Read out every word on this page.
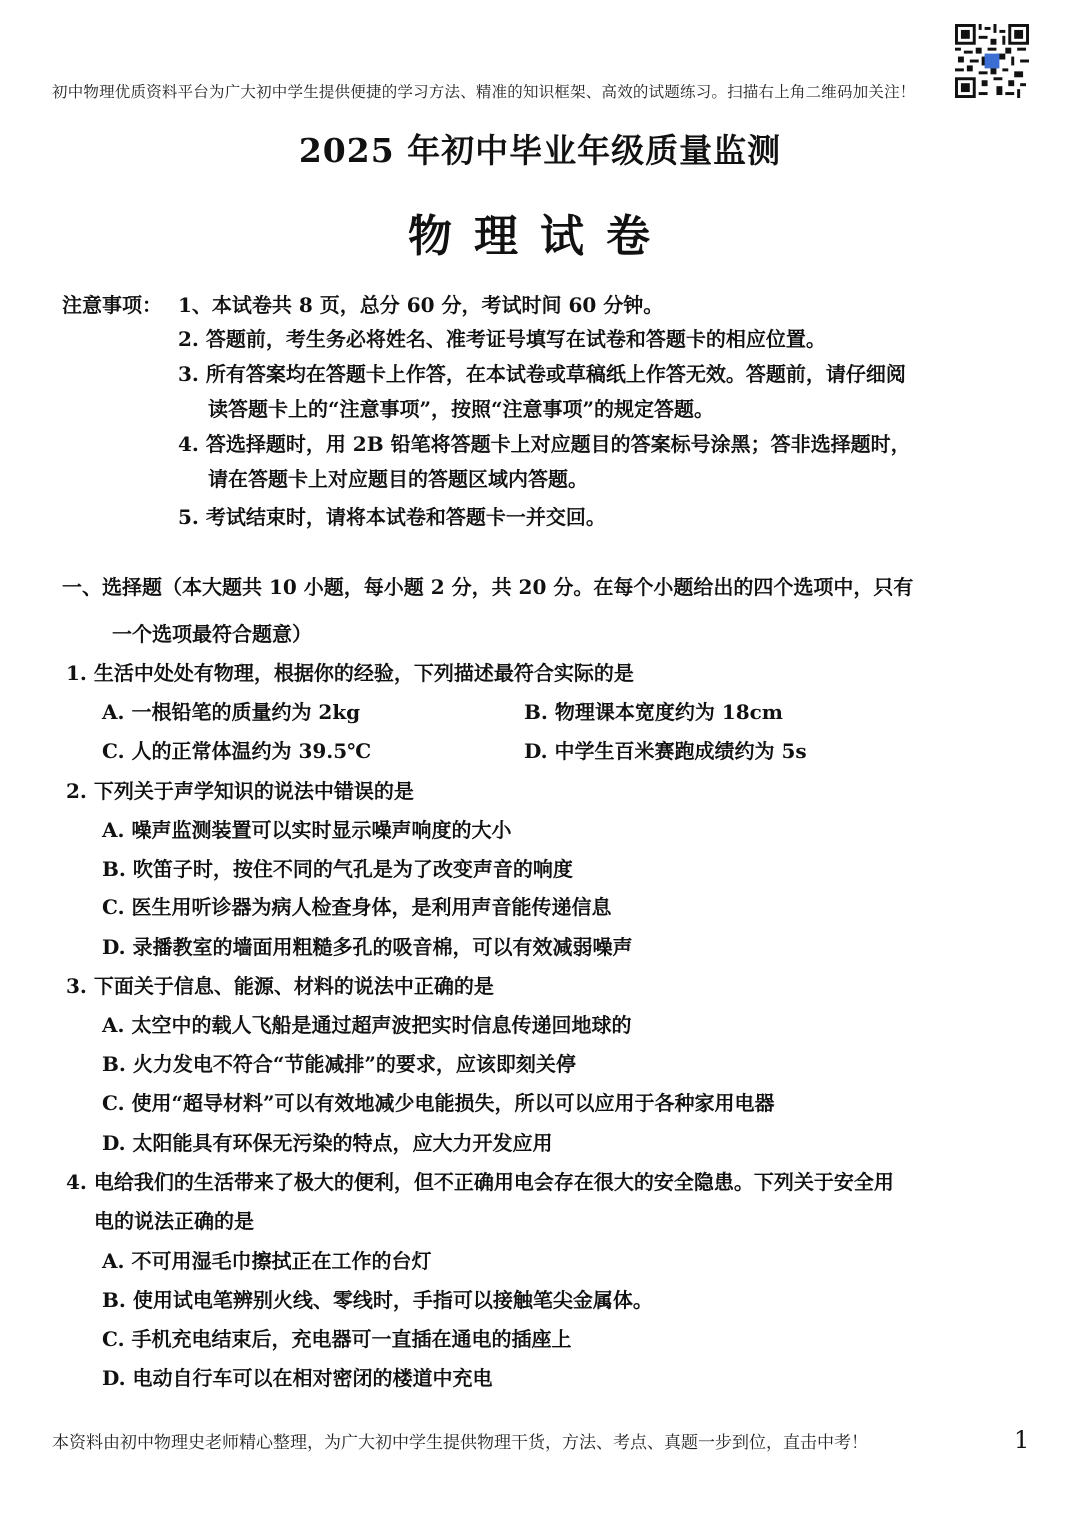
初中物理优质资料平台为广大初中学生提供便捷的学习方法、精准的知识框架、高效的试题练习。扫描右上角二维码加关注！
2025 年初中毕业年级质量监测
物理试卷
注意事项： 1、本试卷共 8 页，总分 60 分，考试时间 60 分钟。
2. 答题前，考生务必将姓名、准考证号填写在试卷和答题卡的相应位置。
3. 所有答案均在答题卡上作答，在本试卷或草稿纸上作答无效。答题前，请仔细阅
读答题卡上的“注意事项”，按照“注意事项”的规定答题。
4. 答选择题时，用 2B 铅笔将答题卡上对应题目的答案标号涂黑；答非选择题时，
请在答题卡上对应题目的答题区域内答题。
5. 考试结束时，请将本试卷和答题卡一并交回。
一、选择题（本大题共 10 小题，每小题 2 分，共 20 分。在每个小题给出的四个选项中，只有
一个选项最符合题意）
1. 生活中处处有物理，根据你的经验，下列描述最符合实际的是
A. 一根铅笔的质量约为 2kg	B. 物理课本宽度约为 18cm
C. 人的正常体温约为 39.5℃	D. 中学生百米赛跑成绩约为 5s
2. 下列关于声学知识的说法中错误的是
A. 噪声监测装置可以实时显示噪声响度的大小
B. 吹笛子时，按住不同的气孔是为了改变声音的响度
C. 医生用听诊器为病人检查身体，是利用声音能传递信息
D. 录播教室的墙面用粗糙多孔的吸音棉，可以有效减弱噪声
3. 下面关于信息、能源、材料的说法中正确的是
A. 太空中的载人飞船是通过超声波把实时信息传递回地球的
B. 火力发电不符合“节能减排”的要求，应该即刻关停
C. 使用“超导材料”可以有效地减少电能损失，所以可以应用于各种家用电器
D. 太阳能具有环保无污染的特点，应大力开发应用
4. 电给我们的生活带来了极大的便利，但不正确用电会存在很大的安全隐患。下列关于安全用
电的说法正确的是
A. 不可用湿毛巾擦拭正在工作的台灯
B. 使用试电笔辨别火线、零线时，手指可以接触笔尖金属体。
C. 手机充电结束后，充电器可一直插在通电的插座上
D. 电动自行车可以在相对密闭的楼道中充电
本资料由初中物理史老师精心整理，为广大初中学生提供物理干货，方法、考点、真题一步到位，直击中考！	1
